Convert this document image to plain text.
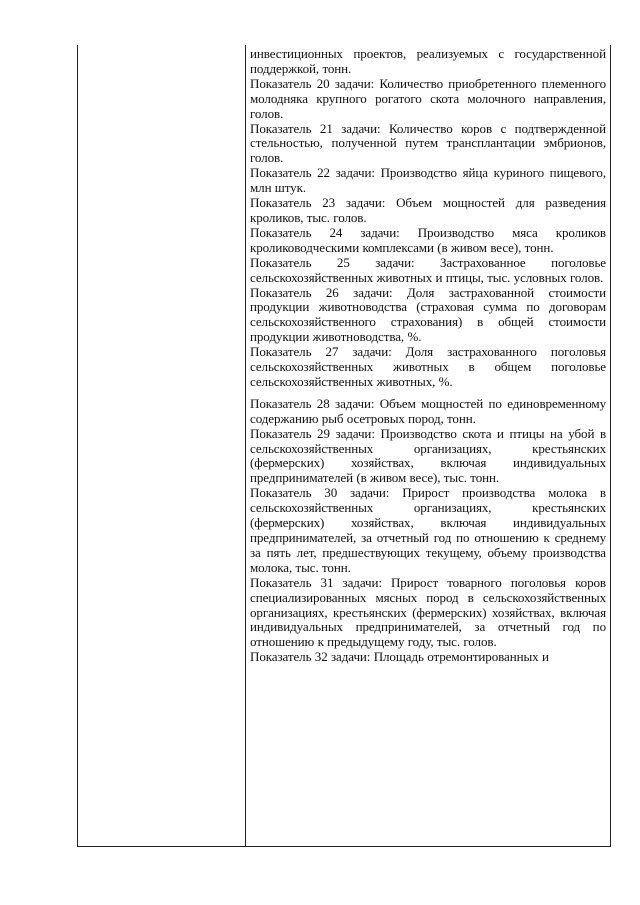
инвестиционных проектов, реализуемых с государственной поддержкой, тонн.

Показатель 20 задачи: Количество приобретенного племенного молодняка крупного рогатого скота молочного направления, голов.

Показатель 21 задачи: Количество коров с подтвержденной стельностью, полученной путем трансплантации эмбрионов, голов.

Показатель 22 задачи: Производство яйца куриного пищевого, млн штук.

Показатель 23 задачи: Объем мощностей для разведения кроликов, тыс. голов.

Показатель 24 задачи: Производство мяса кроликов кролиководческими комплексами (в живом весе), тонн.

Показатель 25 задачи: Застрахованное поголовье сельскохозяйственных животных и птицы, тыс. условных голов.

Показатель 26 задачи: Доля застрахованной стоимости продукции животноводства (страховая сумма по договорам сельскохозяйственного страхования) в общей стоимости продукции животноводства, %.

Показатель 27 задачи: Доля застрахованного поголовья сельскохозяйственных животных в общем поголовье сельскохозяйственных животных, %.

Показатель 28 задачи: Объем мощностей по единовременному содержанию рыб осетровых пород, тонн.

Показатель 29 задачи: Производство скота и птицы на убой в сельскохозяйственных организациях, крестьянских (фермерских) хозяйствах, включая индивидуальных предпринимателей (в живом весе), тыс. тонн.

Показатель 30 задачи: Прирост производства молока в сельскохозяйственных организациях, крестьянских (фермерских) хозяйствах, включая индивидуальных предпринимателей, за отчетный год по отношению к среднему за пять лет, предшествующих текущему, объему производства молока, тыс. тонн.

Показатель 31 задачи: Прирост товарного поголовья коров специализированных мясных пород в сельскохозяйственных организациях, крестьянских (фермерских) хозяйствах, включая индивидуальных предпринимателей, за отчетный год по отношению к предыдущему году, тыс. голов.

Показатель 32 задачи: Площадь отремонтированных и
